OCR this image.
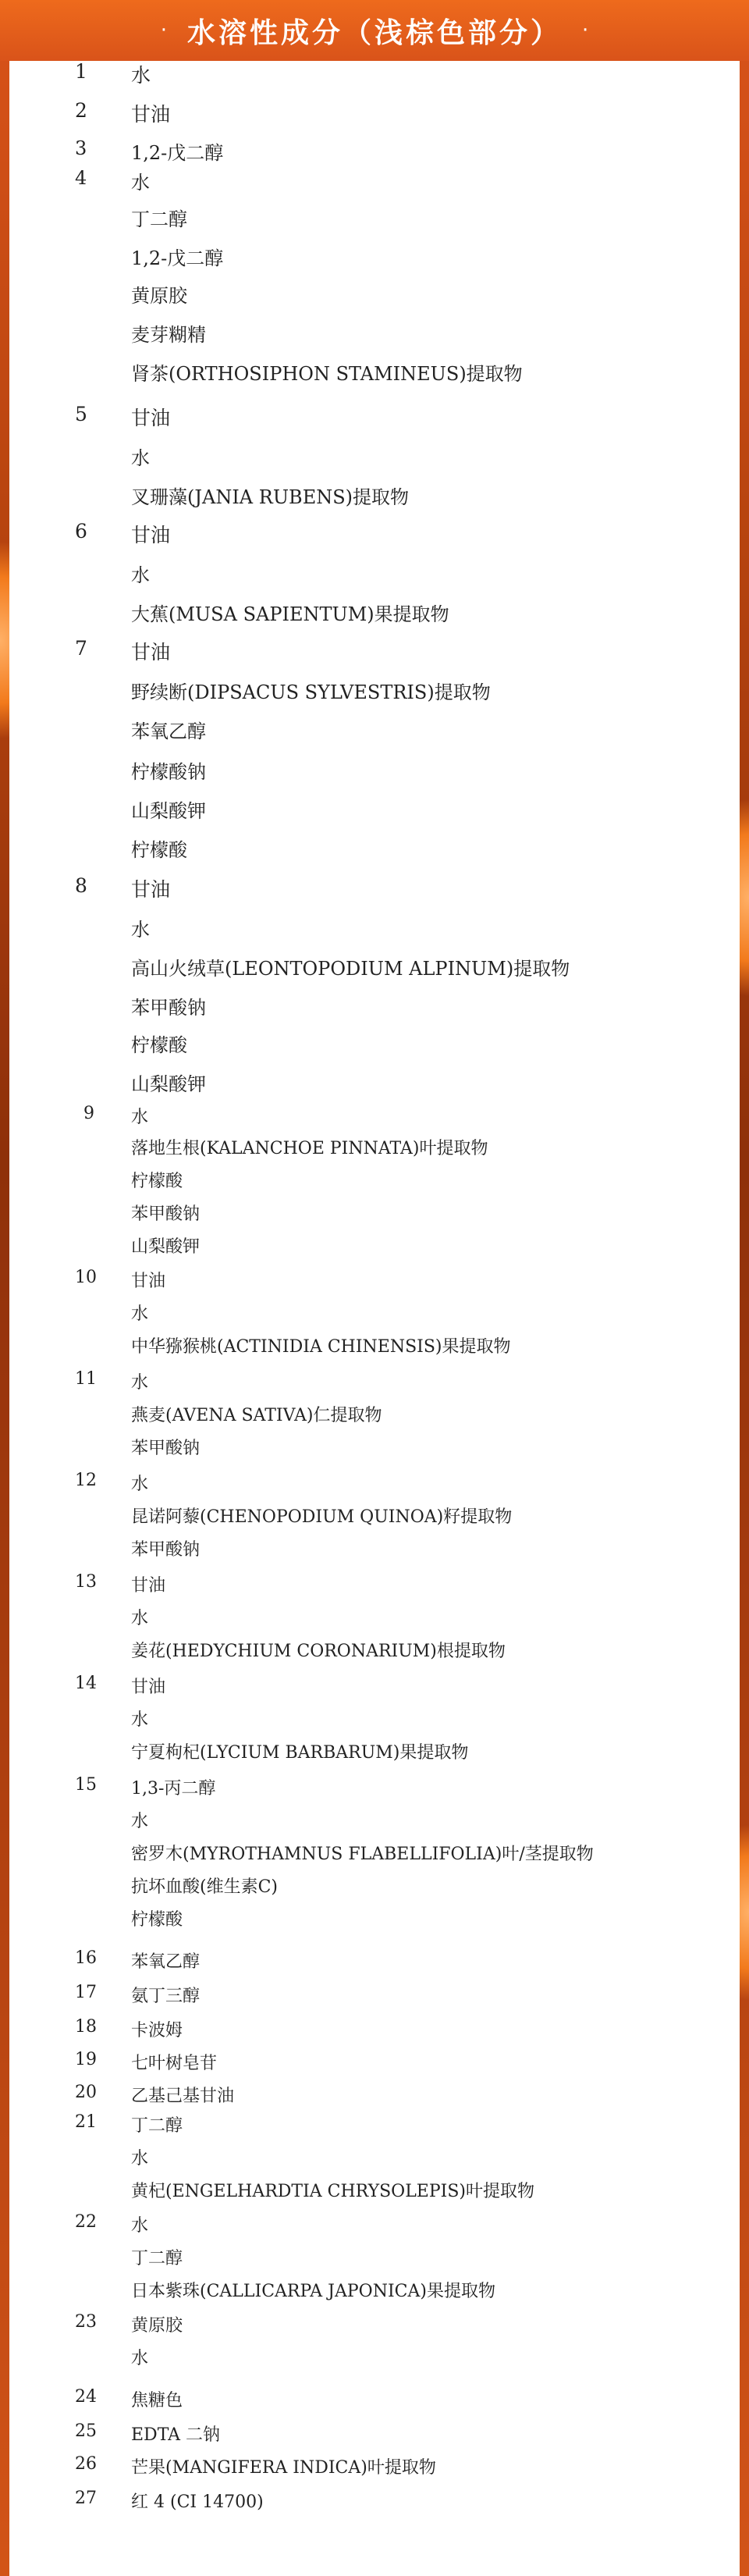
· 水溶性成分（浅棕色部分） ·
1 水
2 甘油
3 1,2-戊二醇
4 水
丁二醇
1,2-戊二醇
黄原胶
麦芽糊精
肾茶(ORTHOSIPHON STAMINEUS)提取物
5 甘油
水
叉珊藻(JANIA RUBENS)提取物
6 甘油
水
大蕉(MUSA SAPIENTUM)果提取物
7 甘油
野续断(DIPSACUS SYLVESTRIS)提取物
苯氧乙醇
柠檬酸钠
山梨酸钾
柠檬酸
8 甘油
水
高山火绒草(LEONTOPODIUM ALPINUM)提取物
苯甲酸钠
柠檬酸
山梨酸钾
9 水
落地生根(KALANCHOE PINNATA)叶提取物
柠檬酸
苯甲酸钠
山梨酸钾
10 甘油
水
中华猕猴桃(ACTINIDIA CHINENSIS)果提取物
11 水
燕麦(AVENA SATIVA)仁提取物
苯甲酸钠
12 水
昆诺阿藜(CHENOPODIUM QUINOA)籽提取物
苯甲酸钠
13 甘油
水
姜花(HEDYCHIUM CORONARIUM)根提取物
14 甘油
水
宁夏枸杞(LYCIUM BARBARUM)果提取物
15 1,3-丙二醇
水
密罗木(MYROTHAMNUS FLABELLIFOLIA)叶/茎提取物
抗坏血酸(维生素C)
柠檬酸
16 苯氧乙醇
17 氨丁三醇
18 卡波姆
19 七叶树皂苷
20 乙基己基甘油
21 丁二醇
水
黄杞(ENGELHARDTIA CHRYSOLEPIS)叶提取物
22 水
丁二醇
日本紫珠(CALLICARPA JAPONICA)果提取物
23 黄原胶
水
24 焦糖色
25 EDTA 二钠
26 芒果(MANGIFERA INDICA)叶提取物
27 红 4 (CI 14700)
